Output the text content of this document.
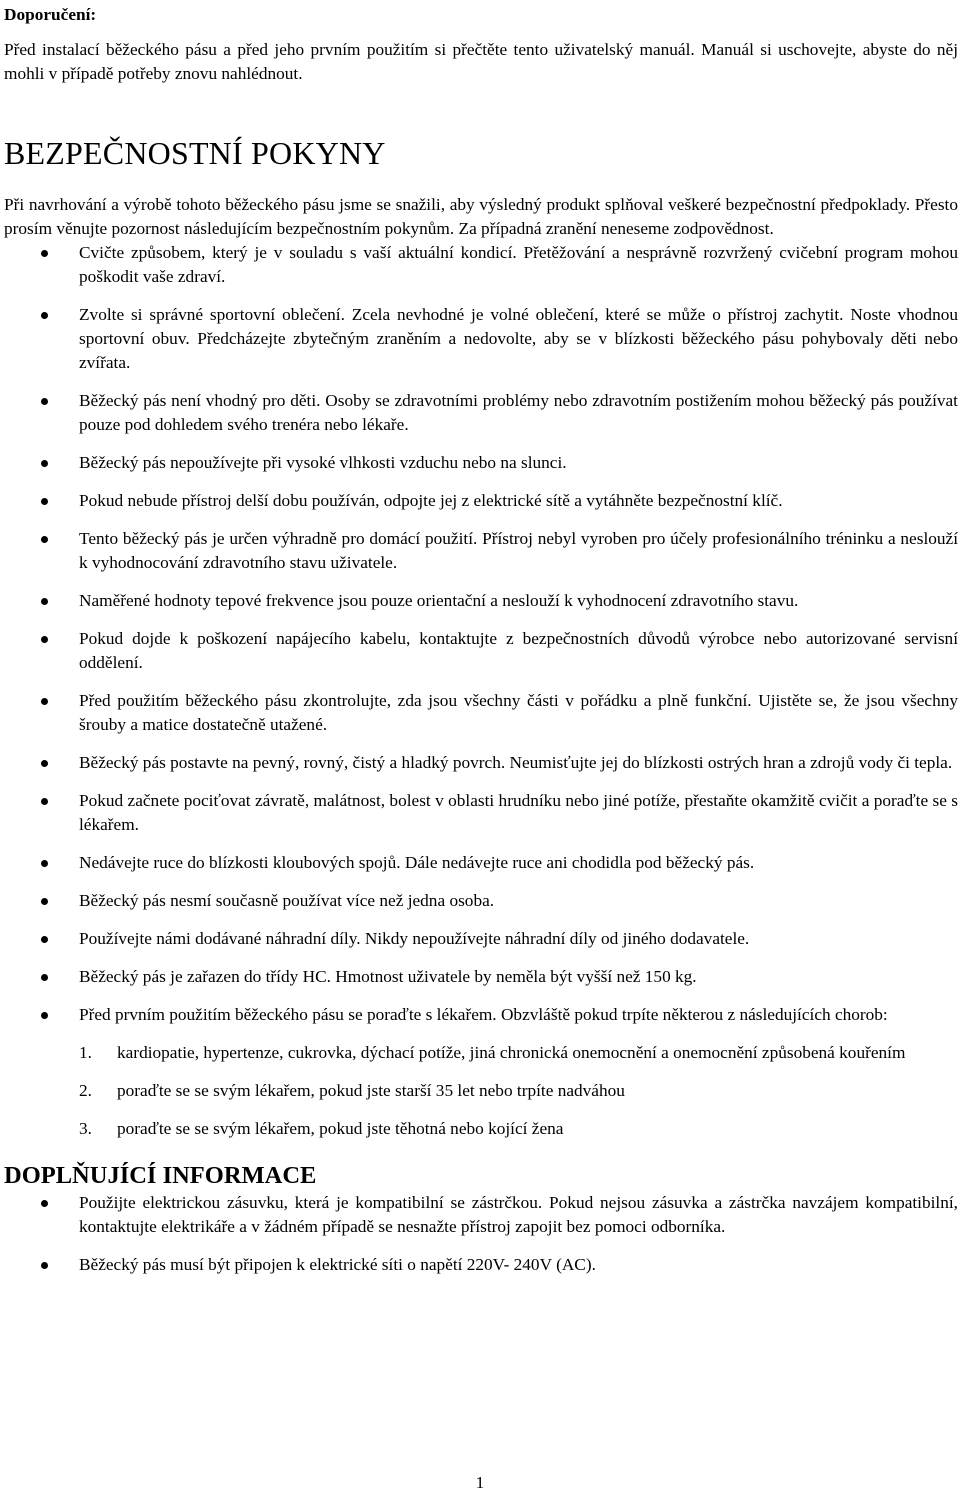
Doporučení:

Před instalací běžeckého pásu a před jeho prvním použitím si přečtěte tento uživatelský manuál. Manuál si uschovejte, abyste do něj mohli v případě potřeby znovu nahlédnout.

BEZPEČNOSTNÍ POKYNY

Při navrhování a výrobě tohoto běžeckého pásu jsme se snažili, aby výsledný produkt splňoval veškeré bezpečnostní předpoklady. Přesto prosím věnujte pozornost následujícím bezpečnostním pokynům. Za případná zranění neneseme zodpovědnost.

Cvičte způsobem, který je v souladu s vaší aktuální kondicí. Přetěžování a nesprávně rozvržený cvičební program mohou poškodit vaše zdraví.
Zvolte si správné sportovní oblečení. Zcela nevhodné je volné oblečení, které se může o přístroj zachytit. Noste vhodnou sportovní obuv. Předcházejte zbytečným zraněním a nedovolte, aby se v blízkosti běžeckého pásu pohybovaly děti nebo zvířata.
Běžecký pás není vhodný pro děti. Osoby se zdravotními problémy nebo zdravotním postižením mohou běžecký pás používat pouze pod dohledem svého trenéra nebo lékaře.
Běžecký pás nepoužívejte při vysoké vlhkosti vzduchu nebo na slunci.
Pokud nebude přístroj delší dobu používán, odpojte jej z elektrické sítě a vytáhněte bezpečnostní klíč.
Tento běžecký pás je určen výhradně pro domácí použití. Přístroj nebyl vyroben pro účely profesionálního tréninku a neslouží k vyhodnocování zdravotního stavu uživatele.
Naměřené hodnoty tepové frekvence jsou pouze orientační a neslouží k vyhodnocení zdravotního stavu.
Pokud dojde k poškození napájecího kabelu, kontaktujte z bezpečnostních důvodů výrobce nebo autorizované servisní oddělení.
Před použitím běžeckého pásu zkontrolujte, zda jsou všechny části v pořádku a plně funkční. Ujistěte se, že jsou všechny šrouby a matice dostatečně utažené.
Běžecký pás postavte na pevný, rovný, čistý a hladký povrch. Neumisťujte jej do blízkosti ostrých hran a zdrojů vody či tepla.
Pokud začnete pociťovat závratě, malátnost, bolest v oblasti hrudníku nebo jiné potíže, přestaňte okamžitě cvičit a poraďte se s lékařem.
Nedávejte ruce do blízkosti kloubových spojů. Dále nedávejte ruce ani chodidla pod běžecký pás.
Běžecký pás nesmí současně používat více než jedna osoba.
Používejte námi dodávané náhradní díly. Nikdy nepoužívejte náhradní díly od jiného dodavatele.
Běžecký pás je zařazen do třídy HC. Hmotnost uživatele by neměla být vyšší než 150 kg.
Před prvním použitím běžeckého pásu se poraďte s lékařem. Obzvláště pokud trpíte některou z následujících chorob:
1. kardiopatie, hypertenze, cukrovka, dýchací potíže, jiná chronická onemocnění a onemocnění způsobená kouřením
2. poraďte se se svým lékařem, pokud jste starší 35 let nebo trpíte nadváhou
3. poraďte se se svým lékařem, pokud jste těhotná nebo kojící žena
DOPLŇUJÍCÍ INFORMACE
Použijte elektrickou zásuvku, která je kompatibilní se zástrčkou. Pokud nejsou zásuvka a zástrčka navzájem kompatibilní, kontaktujte elektrikáře a v žádném případě se nesnažte přístroj zapojit bez pomoci odborníka.
Běžecký pás musí být připojen k elektrické síti o napětí 220V- 240V (AC).
1
